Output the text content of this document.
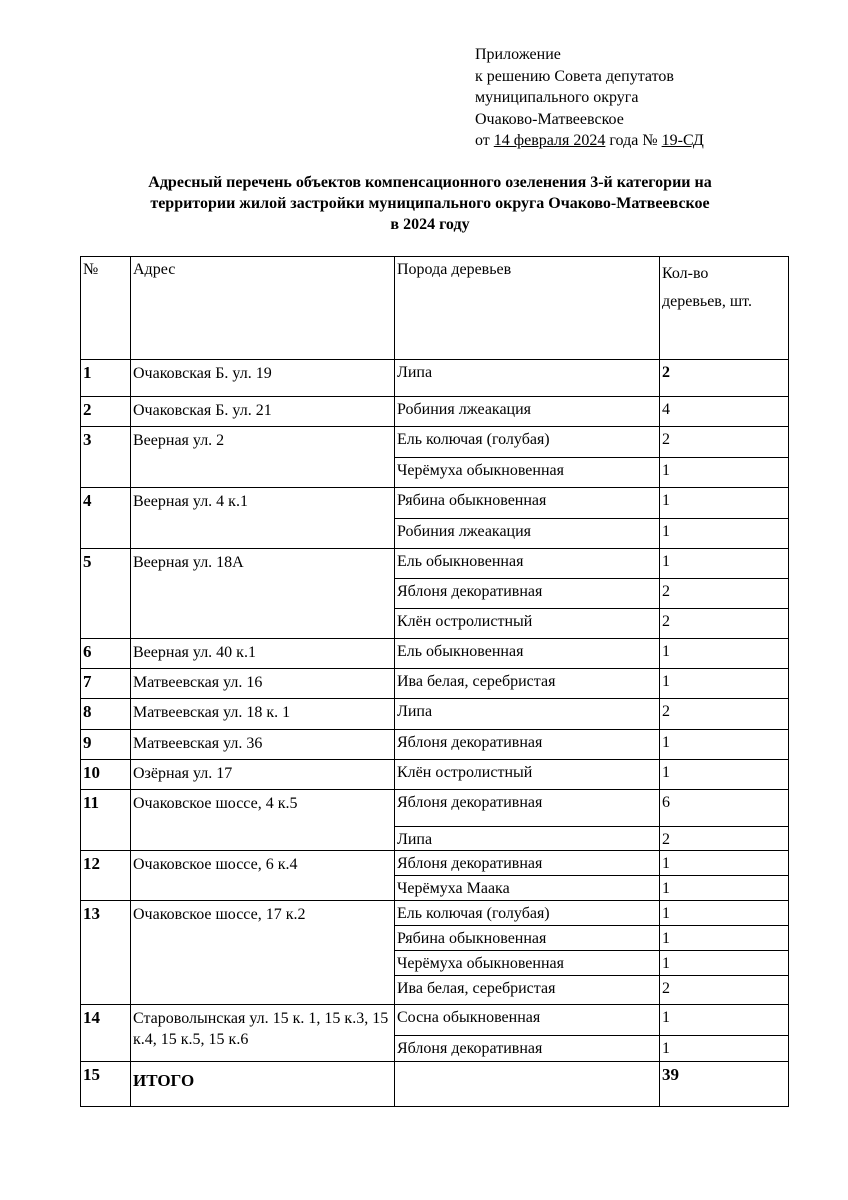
Приложение
к решению Совета депутатов
муниципального округа
Очаково-Матвеевское
от 14 февраля 2024 года № 19-СД
Адресный перечень объектов компенсационного озеленения 3-й категории на
территории жилой застройки муниципального округа Очаково-Матвеевское
в 2024 году
№	Адрес	Порода деревьев	Кол-во
деревьев, шт.
1	Очаковская Б. ул. 19	Липа	2
2	Очаковская Б. ул. 21	Робиния лжеакация	4
3	Веерная ул. 2	Ель колючая (голубая)	2
		Черёмуха обыкновенная	1
4	Веерная ул. 4 к.1	Рябина обыкновенная	1
		Робиния лжеакация	1
5	Веерная ул. 18А	Ель обыкновенная	1
		Яблоня декоративная	2
		Клён остролистный	2
6	Веерная ул. 40 к.1	Ель обыкновенная	1
7	Матвеевская ул. 16	Ива белая, серебристая	1
8	Матвеевская ул. 18 к. 1	Липа	2
9	Матвеевская ул. 36	Яблоня декоративная	1
10	Озёрная ул. 17	Клён остролистный	1
11	Очаковское шоссе, 4 к.5	Яблоня декоративная	6
		Липа	2
12	Очаковское шоссе, 6 к.4	Яблоня декоративная	1
		Черёмуха Маака	1
13	Очаковское шоссе, 17 к.2	Ель колючая (голубая)	1
		Рябина обыкновенная	1
		Черёмуха обыкновенная	1
		Ива белая, серебристая	2
14	Староволынская ул. 15 к. 1, 15 к.3, 15 к.4, 15 к.5, 15 к.6	Сосна обыкновенная	1
		Яблоня декоративная	1
15	ИТОГО		39
